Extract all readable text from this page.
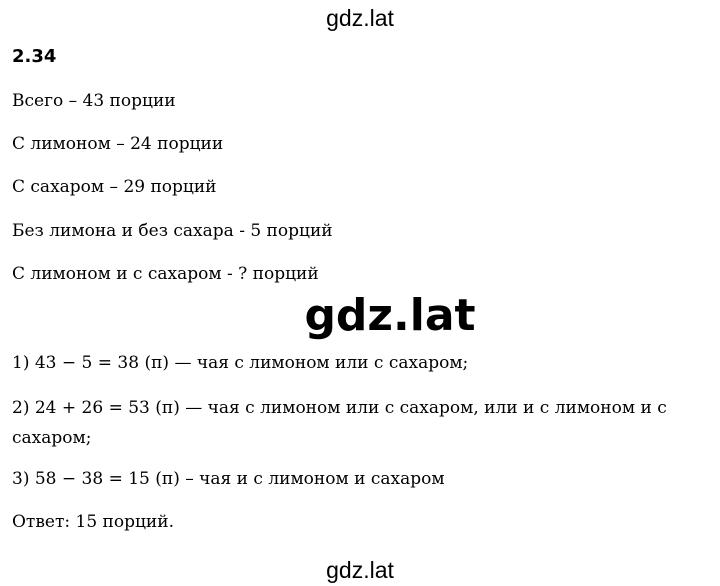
gdz.lat
2.34
Всего – 43 порции
С лимоном – 24 порции
С сахаром – 29 порций
Без лимона и без сахара - 5 порций
С лимоном и с сахаром - ? порций
gdz.lat
1) 43 − 5 = 38 (п) — чая с лимоном или с сахаром;
2) 24 + 26 = 53 (п) — чая с лимоном или с сахаром, или и с лимоном и с сахаром;
3) 58 − 38 = 15 (п) – чая и с лимоном и сахаром
Ответ: 15 порций.
gdz.lat
